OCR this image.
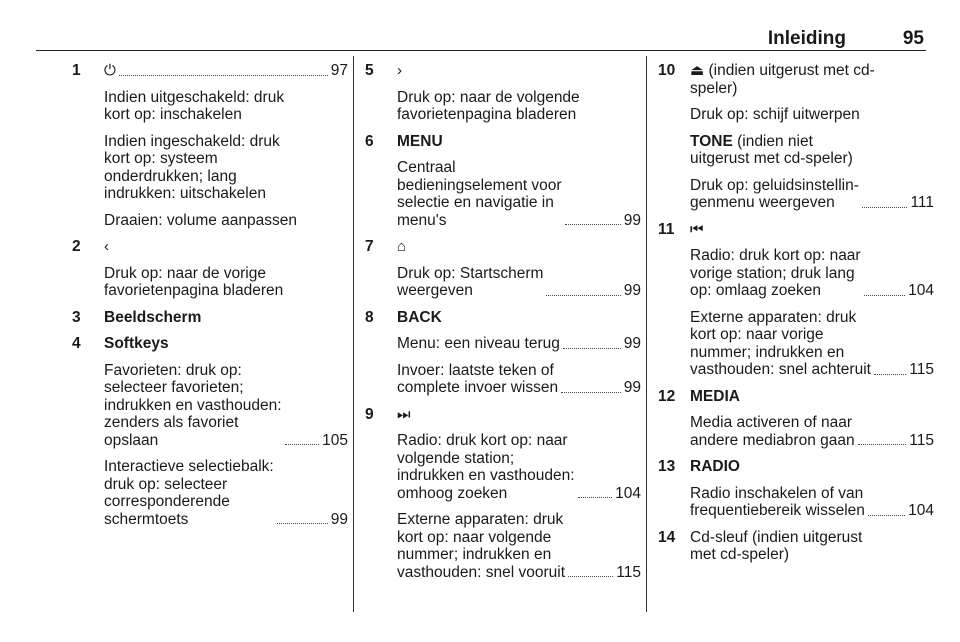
Inleiding	95
1 ⏻	97
Indien uitgeschakeld: druk
kort op: inschakelen
Indien ingeschakeld: druk
kort op: systeem
onderdrukken; lang
indrukken: uitschakelen
Draaien: volume aanpassen
2 ‹
Druk op: naar de vorige
favorietenpagina bladeren
3 Beeldscherm
4 Softkeys
Favorieten: druk op:
selecteer favorieten;
indrukken en vasthouden:
zenders als favoriet
opslaan	105
Interactieve selectiebalk:
druk op: selecteer
corresponderende
schermtoets	99
5 ›
Druk op: naar de volgende
favorietenpagina bladeren
6 MENU
Centraal
bedieningselement voor
selectie en navigatie in
menu's	99
7 ⌂
Druk op: Startscherm
weergeven	99
8 BACK
Menu: een niveau terug	99
Invoer: laatste teken of
complete invoer wissen	99
9 ⏭
Radio: druk kort op: naar
volgende station;
indrukken en vasthouden:
omhoog zoeken	104
Externe apparaten: druk
kort op: naar volgende
nummer; indrukken en
vasthouden: snel vooruit	115
10 ⏏ (indien uitgerust met cd-
speler)
Druk op: schijf uitwerpen
TONE (indien niet
uitgerust met cd-speler)
Druk op: geluidsinstellin-
genmenu weergeven	111
11 ⏮
Radio: druk kort op: naar
vorige station; druk lang
op: omlaag zoeken	104
Externe apparaten: druk
kort op: naar vorige
nummer; indrukken en
vasthouden: snel achteruit 115
12 MEDIA
Media activeren of naar
andere mediabron gaan	115
13 RADIO
Radio inschakelen of van
frequentiebereik wisselen	104
14 Cd-sleuf (indien uitgerust
met cd-speler)
